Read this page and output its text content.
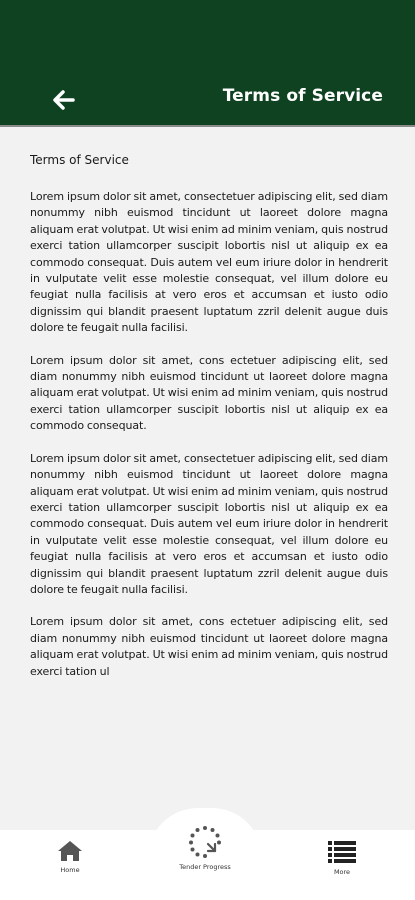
Terms of Service
Terms of Service

Lorem ipsum dolor sit amet, consectetuer adipiscing elit, sed diam nonummy nibh euismod tincidunt ut laoreet dolore magna aliquam erat volutpat. Ut wisi enim ad minim veniam, quis nostrud exerci tation ullamcorper suscipit lobortis nisl ut aliquip ex ea commodo consequat. Duis autem vel eum iriure dolor in hendrerit in vulputate velit esse molestie consequat, vel illum dolore eu feugiat nulla facilisis at vero eros et accumsan et iusto odio dignissim qui blandit praesent luptatum zzril delenit augue duis dolore te feugait nulla facilisi.

Lorem ipsum dolor sit amet, cons ectetuer adipiscing elit, sed diam nonummy nibh euismod tincidunt ut laoreet dolore magna aliquam erat volutpat. Ut wisi enim ad minim veniam, quis nostrud exerci tation ullamcorper suscipit lobortis nisl ut aliquip ex ea commodo consequat.

Lorem ipsum dolor sit amet, consectetuer adipiscing elit, sed diam nonummy nibh euismod tincidunt ut laoreet dolore magna aliquam erat volutpat. Ut wisi enim ad minim veniam, quis nostrud exerci tation ullamcorper suscipit lobortis nisl ut aliquip ex ea commodo consequat. Duis autem vel eum iriure dolor in hendrerit in vulputate velit esse molestie consequat, vel illum dolore eu feugiat nulla facilisis at vero eros et accumsan et iusto odio dignissim qui blandit praesent luptatum zzril delenit augue duis dolore te feugait nulla facilisi.

Lorem ipsum dolor sit amet, cons ectetuer adipiscing elit, sed diam nonummy nibh euismod tincidunt ut laoreet dolore magna aliquam erat volutpat. Ut wisi enim ad minim veniam, quis nostrud exerci tation ul

Home	Tender Progress
More
